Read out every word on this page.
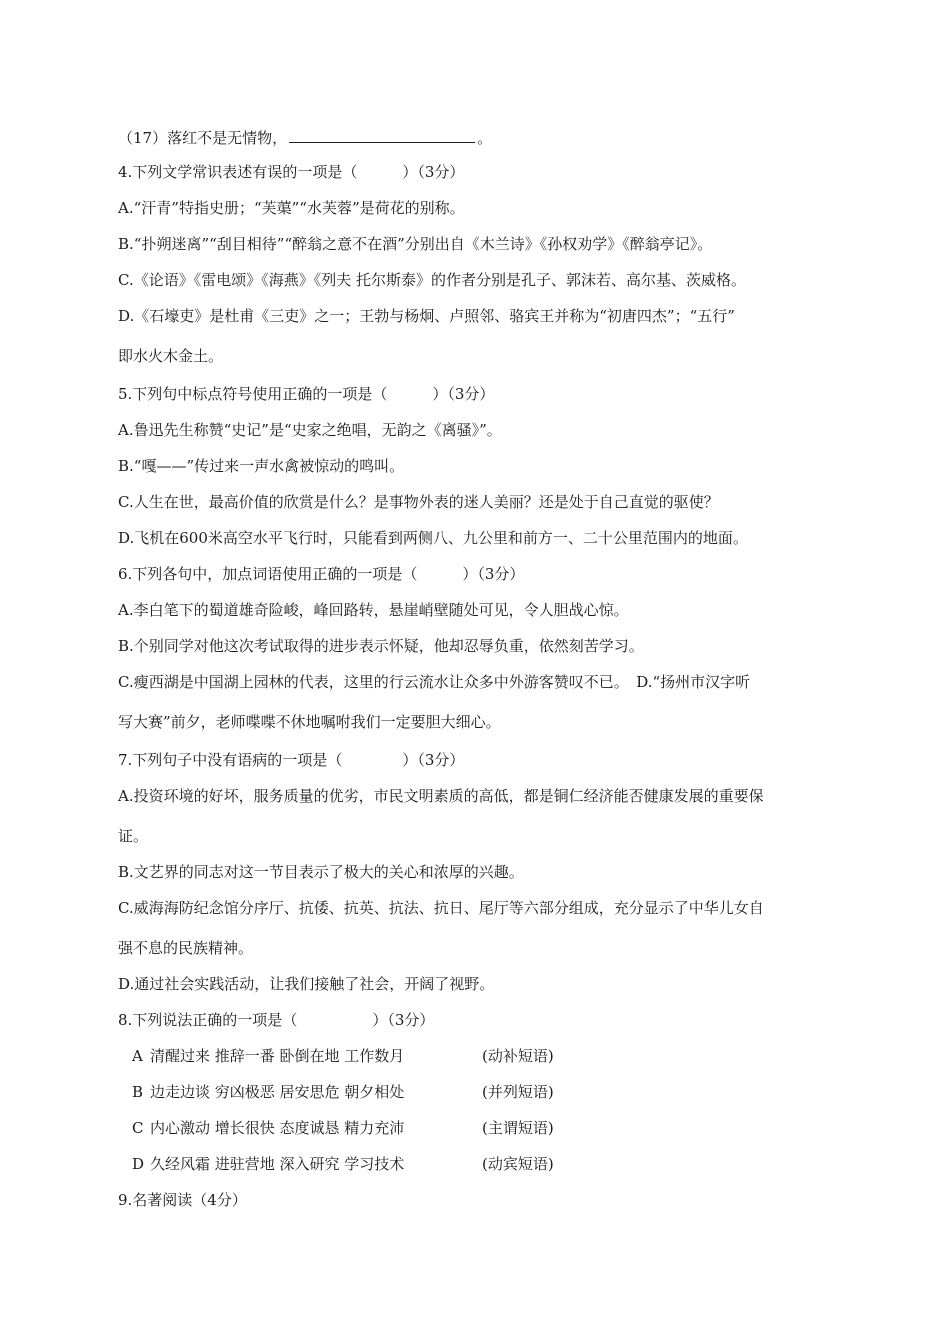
（17）落红不是无情物，	。
4.下列文学常识表述有误的一项是（　　　）（3分）
A.“汗青”特指史册；“芙蕖”“水芙蓉”是荷花的别称。
B.“扑朔迷离”“刮目相待”“醉翁之意不在酒”分别出自《木兰诗》《孙权劝学》《醉翁亭记》。
C.《论语》《雷电颂》《海燕》《列夫 托尔斯泰》的作者分别是孔子、郭沫若、高尔基、茨威格。
D.《石壕吏》是杜甫《三吏》之一；王勃与杨炯、卢照邻、骆宾王并称为“初唐四杰”；“五行”
即水火木金土。
5.下列句中标点符号使用正确的一项是（　　　）（3分）
A.鲁迅先生称赞“史记”是“史家之绝唱，无韵之《离骚》”。
B.“嘎——”传过来一声水禽被惊动的鸣叫。
C.人生在世，最高价值的欣赏是什么？是事物外表的迷人美丽？还是处于自己直觉的驱使？
D.飞机在600米高空水平飞行时，只能看到两侧八、九公里和前方一、二十公里范围内的地面。
6.下列各句中，加点词语使用正确的一项是（　　　）（3分）
A.李白笔下的蜀道雄奇险峻，峰回路转，悬崖峭壁随处可见，令人胆战心惊。
B.个别同学对他这次考试取得的进步表示怀疑，他却忍辱负重，依然刻苦学习。
C.瘦西湖是中国湖上园林的代表，这里的行云流水让众多中外游客赞叹不已。　D.“扬州市汉字听
写大赛”前夕，老师喋喋不休地嘱咐我们一定要胆大细心。
7.下列句子中没有语病的一项是（　　　　）（3分）
A.投资环境的好坏，服务质量的优劣，市民文明素质的高低，都是铜仁经济能否健康发展的重要保
证。
B.文艺界的同志对这一节目表示了极大的关心和浓厚的兴趣。
C.威海海防纪念馆分序厅、抗倭、抗英、抗法、抗日、尾厅等六部分组成，充分显示了中华儿女自
强不息的民族精神。
D.通过社会实践活动，让我们接触了社会，开阔了视野。
8.下列说法正确的一项是（　　　　　）（3分）
A 清醒过来 推辞一番 卧倒在地 工作数月	(动补短语)
B 边走边谈 穷凶极恶 居安思危 朝夕相处	(并列短语)
C 内心激动 增长很快 态度诚恳 精力充沛	(主谓短语)
D 久经风霜 进驻营地 深入研究 学习技术	(动宾短语)
9.名著阅读（4分）
